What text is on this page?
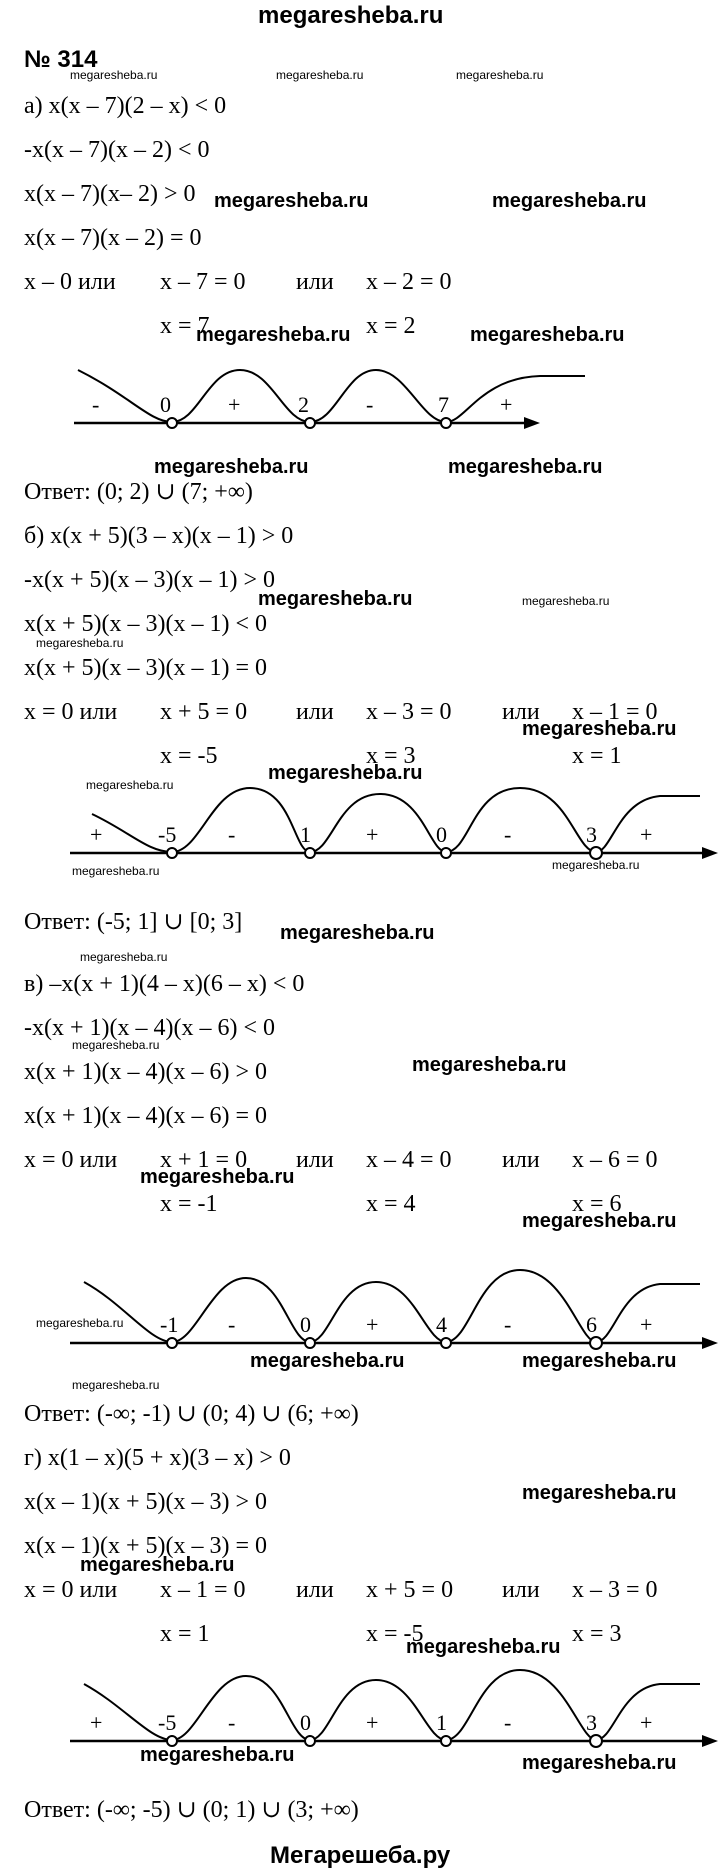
megaresheba.ru
№ 314
а) x(x – 7)(2 – x) < 0
-x(x – 7)(x – 2) < 0
x(x – 7)(x– 2) > 0
x(x – 7)(x – 2) = 0
x – 0 или x – 7 = 0 или x – 2 = 0
x = 7	x = 2
0	2	7
-	+	-	+
Ответ: (0; 2) ∪ (7; +∞)
б) x(x + 5)(3 – x)(x – 1) > 0
-x(x + 5)(x – 3)(x – 1) > 0
x(x + 5)(x – 3)(x – 1) < 0
x(x + 5)(x – 3)(x – 1) = 0
x = 0 или x + 5 = 0 или x – 3 = 0 или x – 1 = 0
x = -5	x = 3	x = 1
-5	1	0	3
+	-	+	-	+
Ответ: (-5; 1] ∪ [0; 3]
в) –x(x + 1)(4 – x)(6 – x) < 0
-x(x + 1)(x – 4)(x – 6) < 0
x(x + 1)(x – 4)(x – 6) > 0
x(x + 1)(x – 4)(x – 6) = 0
x = 0 или x + 1 = 0 или x – 4 = 0 или x – 6 = 0
x = -1	x = 4	x = 6
-1	0	4	6
-	+	-	+
Ответ: (-∞; -1) ∪ (0; 4) ∪ (6; +∞)
г) x(1 – x)(5 + x)(3 – x) > 0
x(x – 1)(x + 5)(x – 3) > 0
x(x – 1)(x + 5)(x – 3) = 0
x = 0 или x – 1 = 0 или x + 5 = 0 или x – 3 = 0
x = 1	x = -5	x = 3
-5	0	1	3
+	-	+	-	+
Ответ: (-∞; -5) ∪ (0; 1) ∪ (3; +∞)
Мегарешеба.ру
megaresheba.ru	megaresheba.ru	megaresheba.ru
megaresheba.ru	megaresheba.ru
megaresheba.ru	megaresheba.ru
megaresheba.ru	megaresheba.ru
megaresheba.ru	megaresheba.ru
megaresheba.ru
megaresheba.ru
megaresheba.ru
megaresheba.ru
megaresheba.ru	megaresheba.ru
megaresheba.ru
megaresheba.ru
megaresheba.ru
megaresheba.ru
megaresheba.ru
megaresheba.ru
megaresheba.ru
megaresheba.ru	megaresheba.ru
megaresheba.ru
megaresheba.ru
megaresheba.ru
megaresheba.ru
megaresheba.ru	megaresheba.ru
